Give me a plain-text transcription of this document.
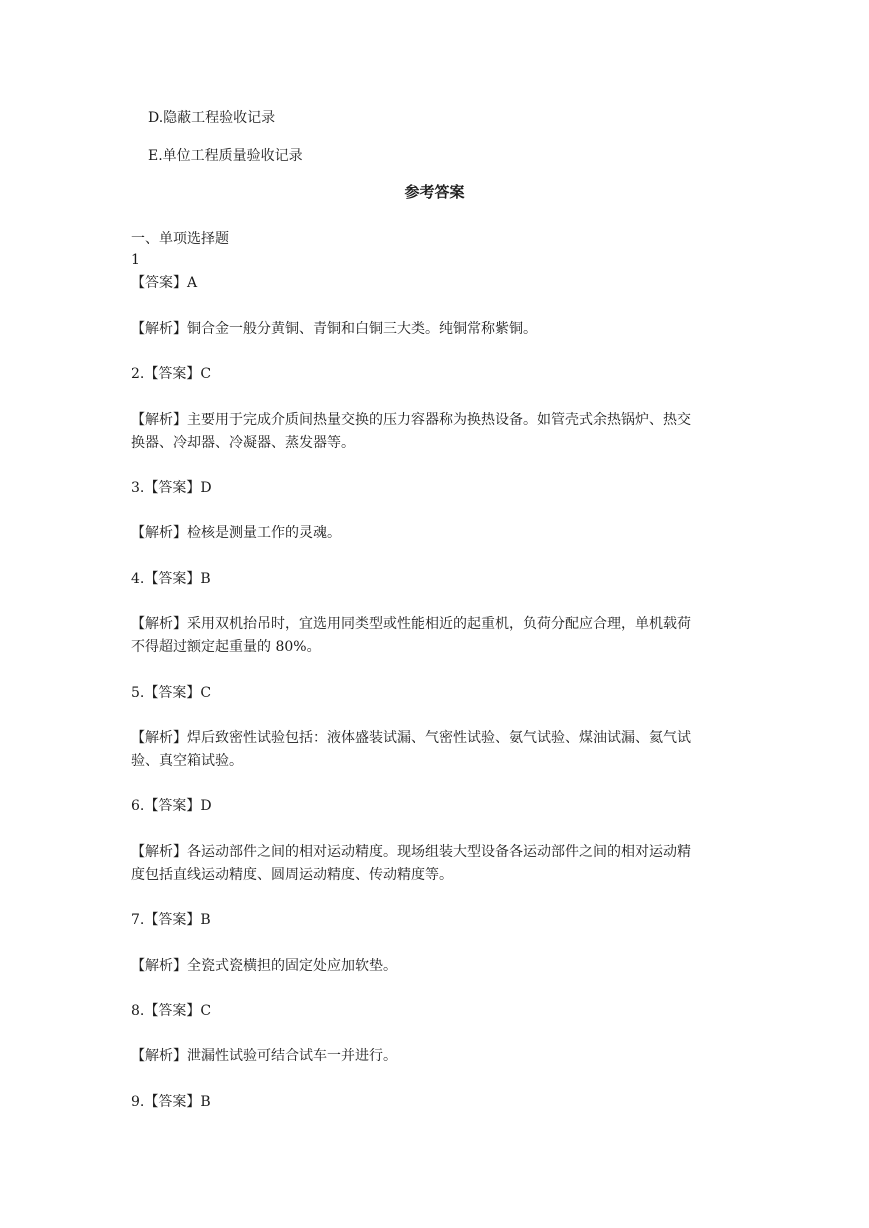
D.隐蔽工程验收记录
E.单位工程质量验收记录
参考答案
一、单项选择题
1
【答案】A
【解析】铜合金一般分黄铜、青铜和白铜三大类。纯铜常称紫铜。
2.【答案】C
【解析】主要用于完成介质间热量交换的压力容器称为换热设备。如管壳式余热锅炉、热交
换器、冷却器、冷凝器、蒸发器等。
3.【答案】D
【解析】检核是测量工作的灵魂。
4.【答案】B
【解析】采用双机抬吊时，宜选用同类型或性能相近的起重机，负荷分配应合理，单机载荷
不得超过额定起重量的 80%。
5.【答案】C
【解析】焊后致密性试验包括：液体盛装试漏、气密性试验、氨气试验、煤油试漏、氦气试
验、真空箱试验。
6.【答案】D
【解析】各运动部件之间的相对运动精度。现场组装大型设备各运动部件之间的相对运动精
度包括直线运动精度、圆周运动精度、传动精度等。
7.【答案】B
【解析】全瓷式瓷横担的固定处应加软垫。
8.【答案】C
【解析】泄漏性试验可结合试车一并进行。
9.【答案】B
